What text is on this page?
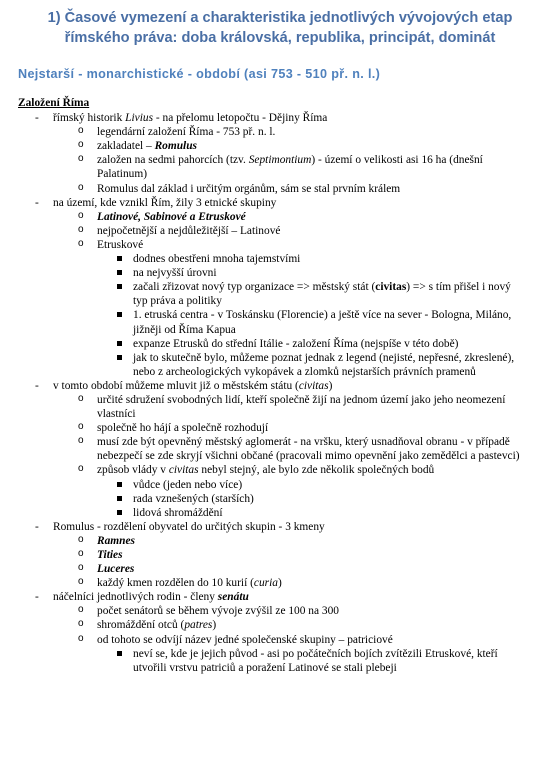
1) Časové vymezení a charakteristika jednotlivých vývojových etap
římského práva: doba královská, republika, principát, dominát
Nejstarší - monarchistické - období (asi 753 - 510 př. n. l.)
Založení Říma
- římský historik Livius - na přelomu letopočtu - Dějiny Říma
o legendární založení Říma - 753 př. n. l.
o zakladatel – Romulus
o založen na sedmi pahorcích (tzv. Septimontium) - území o velikosti asi 16 ha (dnešní Palatinum)
o Romulus dal základ i určitým orgánům, sám se stal prvním králem
- na území, kde vznikl Řím, žily 3 etnické skupiny
o Latinové, Sabinové a Etruskové
o nejpočetnější a nejdůležitější – Latinové
o Etruskové
dodnes obestřeni mnoha tajemstvími
na nejvyšší úrovni
začali zřizovat nový typ organizace => městský stát (civitas) => s tím přišel i nový typ práva a politiky
1. etruská centra - v Toskánsku (Florencie) a ještě více na sever - Bologna, Miláno, jižněji od Říma Kapua
expanze Etrusků do střední Itálie - založení Říma (nejspíše v této době)
jak to skutečně bylo, můžeme poznat jednak z legend (nejisté, nepřesné, zkreslené), nebo z archeologických vykopávek a zlomků nejstarších právních pramenů
- v tomto období můžeme mluvit již o městském státu (civitas)
o určité sdružení svobodných lidí, kteří společně žijí na jednom území jako jeho neomezení vlastníci
o společně ho hájí a společně rozhodují
o musí zde být opevněný městský aglomerát - na vršku, který usnadňoval obranu - v případě nebezpečí se zde skryjí všichni občané (pracovali mimo opevnění jako zemědělci a pastevci)
o způsob vlády v civitas nebyl stejný, ale bylo zde několik společných bodů
vůdce (jeden nebo více)
rada vznešených (starších)
lidová shromáždění
- Romulus - rozdělení obyvatel do určitých skupin - 3 kmeny
o Ramnes
o Tities
o Luceres
o každý kmen rozdělen do 10 kurií (curia)
- náčelníci jednotlivých rodin - členy senátu
o počet senátorů se během vývoje zvýšil ze 100 na 300
o shromáždění otců (patres)
o od tohoto se odvíjí název jedné společenské skupiny – patriciové
neví se, kde je jejich původ - asi po počátečních bojích zvítězili Etruskové, kteří utvořili vrstvu patriciů a poražení Latinové se stali plebeji
